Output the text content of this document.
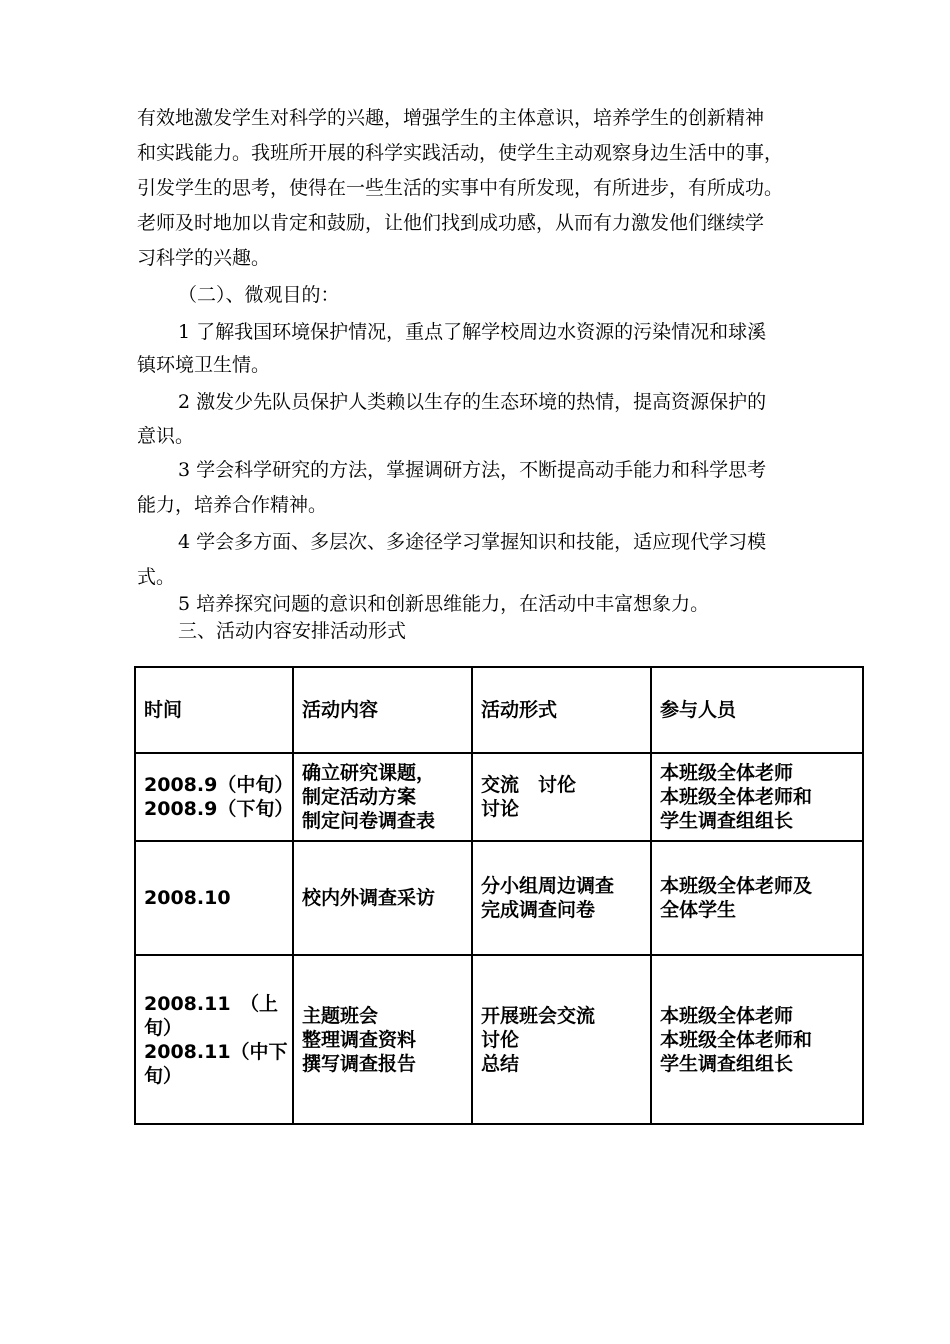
有效地激发学生对科学的兴趣，增强学生的主体意识，培养学生的创新精神
和实践能力。我班所开展的科学实践活动，使学生主动观察身边生活中的事，
引发学生的思考，使得在一些生活的实事中有所发现，有所进步，有所成功。
老师及时地加以肯定和鼓励，让他们找到成功感，从而有力激发他们继续学
习科学的兴趣。
（二）、微观目的：
1 了解我国环境保护情况，重点了解学校周边水资源的污染情况和球溪
镇环境卫生情。
2 激发少先队员保护人类赖以生存的生态环境的热情，提高资源保护的
意识。
3 学会科学研究的方法，掌握调研方法，不断提高动手能力和科学思考
能力，培养合作精神。
4 学会多方面、多层次、多途径学习掌握知识和技能，适应现代学习模
式。
5 培养探究问题的意识和创新思维能力，在活动中丰富想象力。
三、活动内容安排活动形式
时间	活动内容	活动形式	参与人员

2008.9（中旬）
2008.9（下旬）	确立研究课题，
制定活动方案
制定问卷调查表	交流　讨伦
讨论	本班级全体老师
本班级全体老师和
学生调查组组长

2008.10	校内外调查采访	分小组周边调查
完成调查问卷	本班级全体老师及
全体学生

2008.11　（上
旬）
2008.11（中下
旬）	主题班会
整理调查资料
撰写调查报告	开展班会交流
讨伦
总结	本班级全体老师
本班级全体老师和
学生调查组组长
